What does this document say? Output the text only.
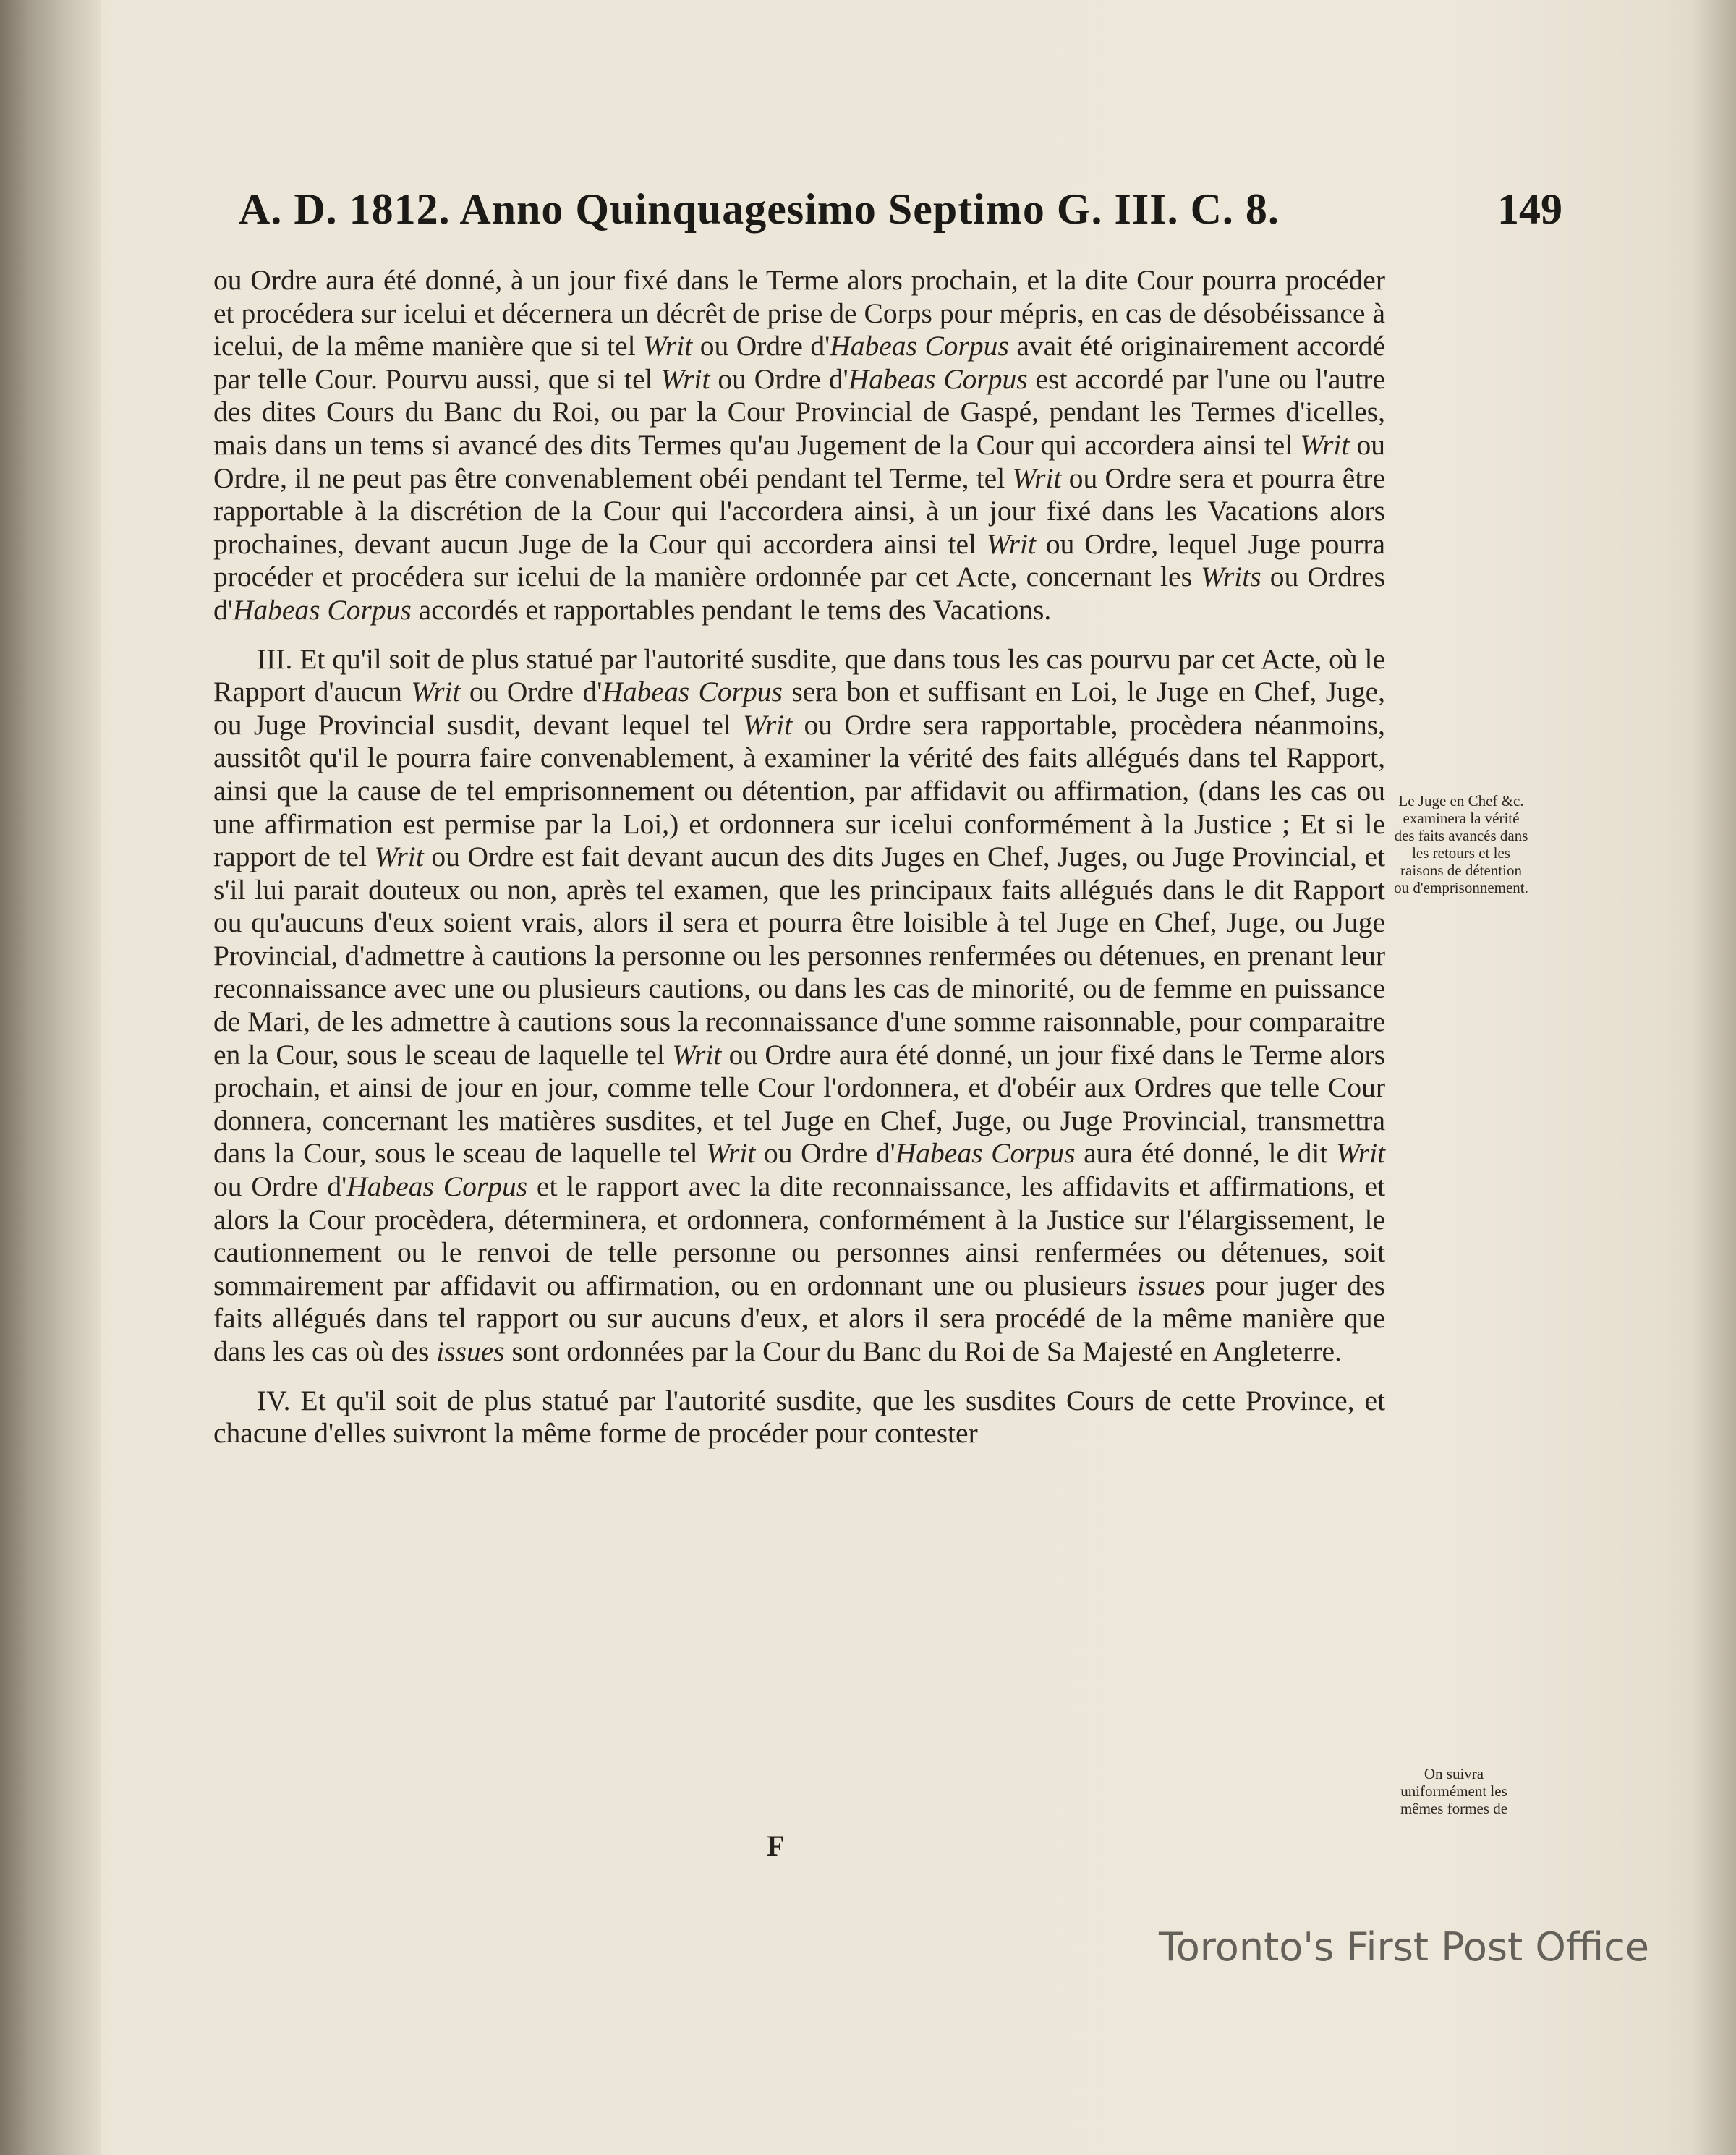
A. D. 1812. Anno Quinquagesimo Septimo G. III. C. 8.	149

ou Ordre aura été donné, à un jour fixé dans le Terme alors prochain, et la dite Cour pourra procéder et procédera sur icelui et décernera un décrêt de prise de Corps pour mépris, en cas de désobéissance à icelui, de la même manière que si tel Writ ou Ordre d'Habeas Corpus avait été originairement accordé par telle Cour. Pourvu aussi, que si tel Writ ou Ordre d'Habeas Corpus est accordé par l'une ou l'autre des dites Cours du Banc du Roi, ou par la Cour Provincial de Gaspé, pendant les Termes d'icelles, mais dans un tems si avancé des dits Termes qu'au Jugement de la Cour qui accordera ainsi tel Writ ou Ordre, il ne peut pas être convenablement obéi pendant tel Terme, tel Writ ou Ordre sera et pourra être rapportable à la discrétion de la Cour qui l'accordera ainsi, à un jour fixé dans les Vacations alors prochaines, devant aucun Juge de la Cour qui accordera ainsi tel Writ ou Ordre, lequel Juge pourra procéder et procédera sur icelui de la manière ordonnée par cet Acte, concernant les Writs ou Ordres d'Habeas Corpus accordés et rapportables pendant le tems des Vacations.

III. Et qu'il soit de plus statué par l'autorité susdite, que dans tous les cas pourvu par cet Acte, où le Rapport d'aucun Writ ou Ordre d'Habeas Corpus sera bon et suffisant en Loi, le Juge en Chef, Juge, ou Juge Provincial susdit, devant lequel tel Writ ou Ordre sera rapportable, procèdera néanmoins, aussitôt qu'il le pourra faire convenablement, à examiner la vérité des faits allégués dans tel Rapport, ainsi que la cause de tel emprisonnement ou détention, par affidavit ou affirmation, (dans les cas ou une affirmation est permise par la Loi,) et ordonnera sur icelui conformément à la Justice ; Et si le rapport de tel Writ ou Ordre est fait devant aucun des dits Juges en Chef, Juges, ou Juge Provincial, et s'il lui parait douteux ou non, après tel examen, que les principaux faits allégués dans le dit Rapport ou qu'aucuns d'eux soient vrais, alors il sera et pourra être loisible à tel Juge en Chef, Juge, ou Juge Provincial, d'admettre à cautions la personne ou les personnes renfermées ou détenues, en prenant leur reconnaissance avec une ou plusieurs cautions, ou dans les cas de minorité, ou de femme en puissance de Mari, de les admettre à cautions sous la reconnaissance d'une somme raisonnable, pour comparaitre en la Cour, sous le sceau de laquelle tel Writ ou Ordre aura été donné, un jour fixé dans le Terme alors prochain, et ainsi de jour en jour, comme telle Cour l'ordonnera, et d'obéir aux Ordres que telle Cour donnera, concernant les matières susdites, et tel Juge en Chef, Juge, ou Juge Provincial, transmettra dans la Cour, sous le sceau de laquelle tel Writ ou Ordre d'Habeas Corpus aura été donné, le dit Writ ou Ordre d'Habeas Corpus et le rapport avec la dite reconnaissance, les affidavits et affirmations, et alors la Cour procèdera, déterminera, et ordonnera, conformément à la Justice sur l'élargissement, le cautionnement ou le renvoi de telle personne ou personnes ainsi renfermées ou détenues, soit sommairement par affidavit ou affirmation, ou en ordonnant une ou plusieurs issues pour juger des faits allégués dans tel rapport ou sur aucuns d'eux, et alors il sera procédé de la même manière que dans les cas où des issues sont ordonnées par la Cour du Banc du Roi de Sa Majesté en Angleterre.

IV. Et qu'il soit de plus statué par l'autorité susdite, que les susdites Cours de cette Province, et chacune d'elles suivront la même forme de procéder pour contester

Le Juge en Chef &c. examinera la vérité des faits avancés dans les retours et les raisons de détention ou d'emprisonnement.
On suivra uniformément les mêmes formes de
F
Toronto's First Post Office
